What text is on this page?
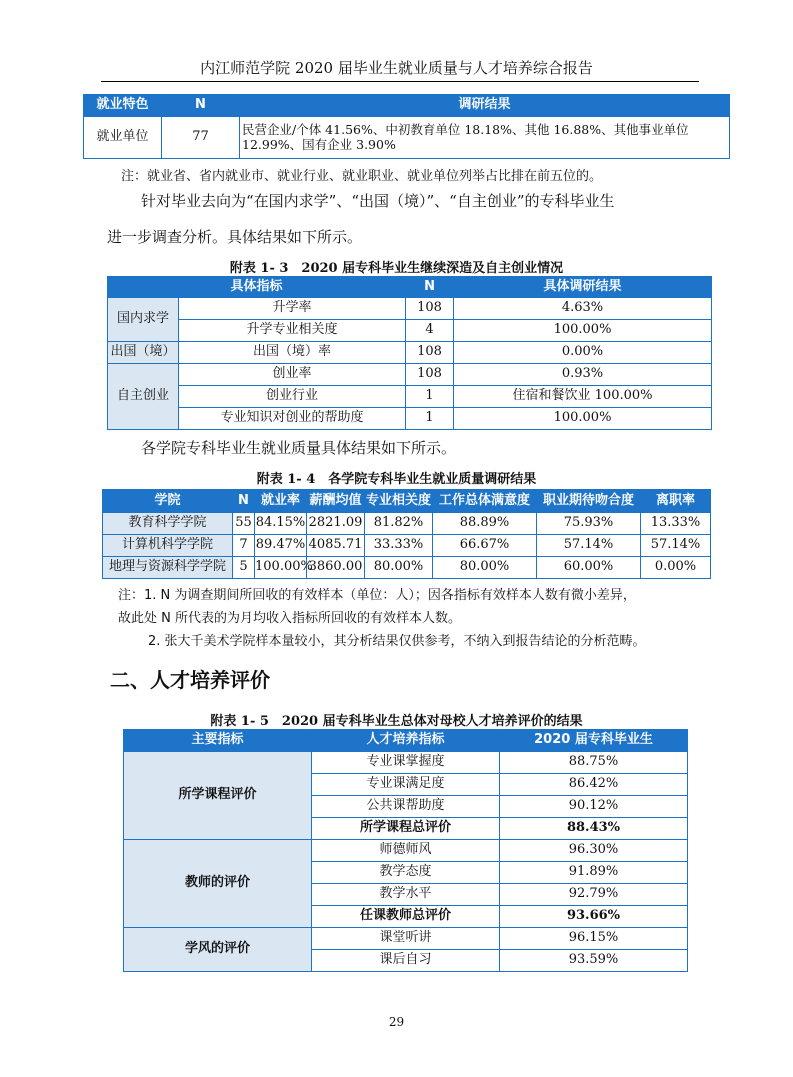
内江师范学院 2020 届毕业生就业质量与人才培养综合报告
就业特色	N	调研结果
就业单位	77	民营企业/个体 41.56%、中初教育单位 18.18%、其他 16.88%、其他事业单位
12.99%、国有企业 3.90%
注：就业省、省内就业市、就业行业、就业职业、就业单位列举占比排在前五位的。
针对毕业去向为“在国内求学”、“出国（境）”、“自主创业”的专科毕业生
进一步调查分析。具体结果如下所示。
附表 1- 3　2020 届专科毕业生继续深造及自主创业情况
具体指标		N	具体调研结果
国内求学	升学率	108	4.63%
	升学专业相关度	4	100.00%
出国（境）	出国（境）率	108	0.00%
自主创业	创业率	108	0.93%
	创业行业	1	住宿和餐饮业 100.00%
	专业知识对创业的帮助度	1	100.00%
各学院专科毕业生就业质量具体结果如下所示。
附表 1- 4　各学院专科毕业生就业质量调研结果
学院	N	就业率	薪酬均值	专业相关度	工作总体满意度	职业期待吻合度	离职率
教育科学学院	55	84.15%	2821.09	81.82%	88.89%	75.93%	13.33%
计算机科学学院	7	89.47%	4085.71	33.33%	66.67%	57.14%	57.14%
地理与资源科学学院	5	100.00%	3860.00	80.00%	80.00%	60.00%	0.00%
注：1. N 为调查期间所回收的有效样本（单位：人）；因各指标有效样本人数有微小差异，
故此处 N 所代表的为月均收入指标所回收的有效样本人数。
2. 张大千美术学院样本量较小，其分析结果仅供参考，不纳入到报告结论的分析范畴。
二、人才培养评价
附表 1- 5　2020 届专科毕业生总体对母校人才培养评价的结果
主要指标	人才培养指标	2020 届专科毕业生
所学课程评价	专业课掌握度	88.75%
	专业课满足度	86.42%
	公共课帮助度	90.12%
	所学课程总评价	88.43%
教师的评价	师德师风	96.30%
	教学态度	91.89%
	教学水平	92.79%
	任课教师总评价	93.66%
学风的评价	课堂听讲	96.15%
	课后自习	93.59%
29
